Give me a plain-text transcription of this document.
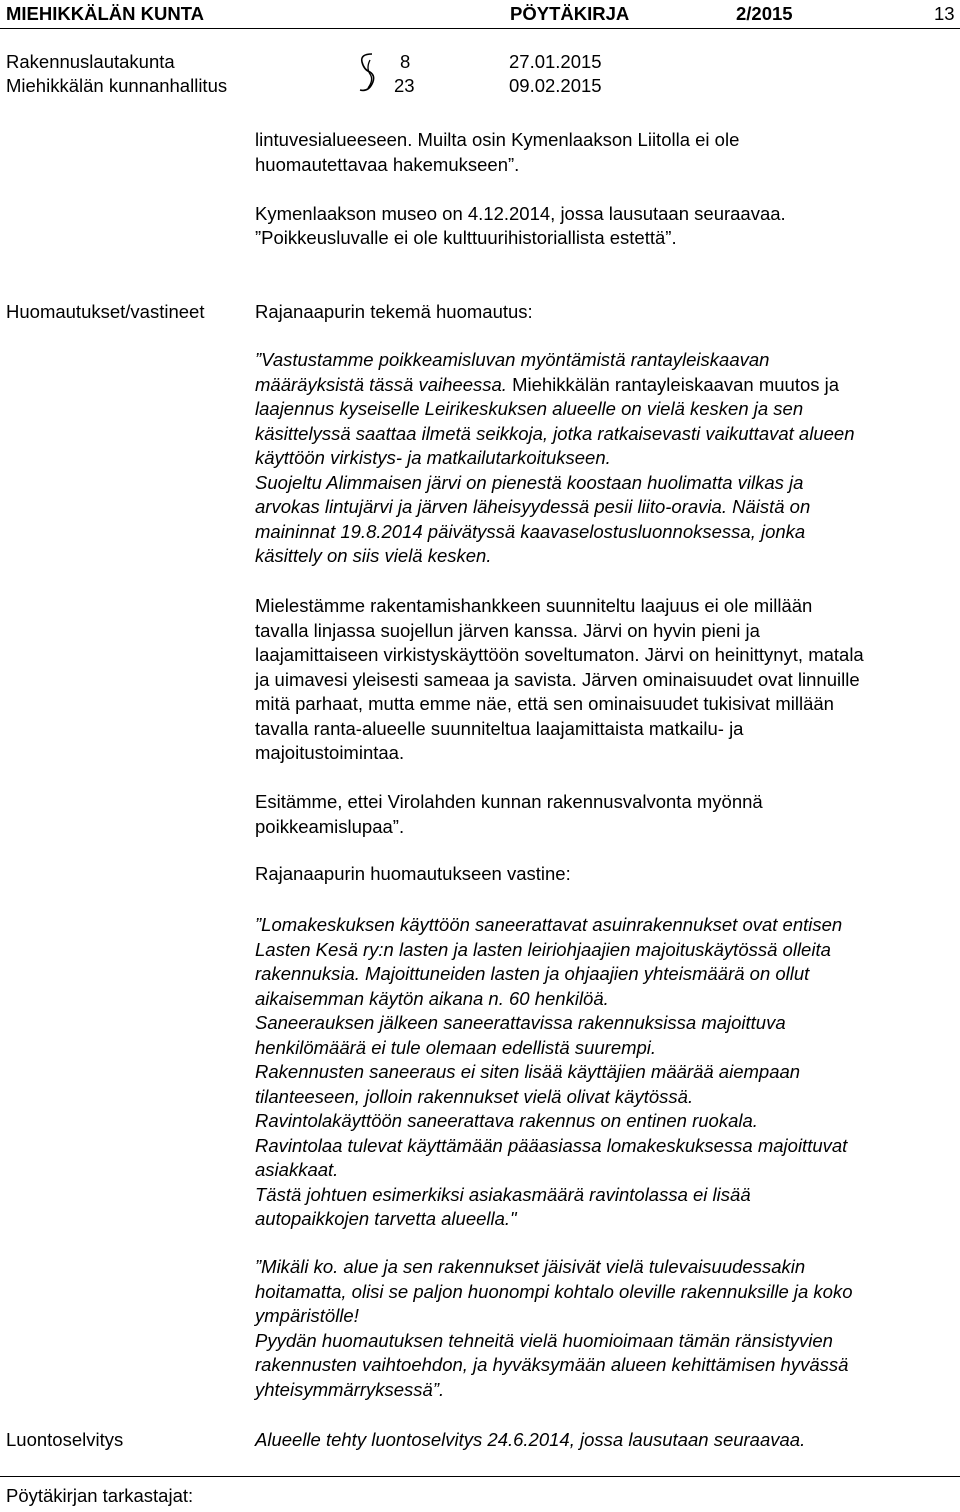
MIEHIKKÄLÄN KUNTA	PÖYTÄKIRJA	2/2015	13
Rakennuslautakunta	8	27.01.2015
Miehikkälän kunnanhallitus	23	09.02.2015

lintuvesialueeseen. Muilta osin Kymenlaakson Liitolla ei ole

huomautettavaa hakemukseen”.

Kymenlaakson museo on 4.12.2014, jossa lausutaan seuraavaa.

”Poikkeusluvalle ei ole kulttuurihistoriallista estettä”.

Huomautukset/vastineet	Rajanaapurin tekemä huomautus:

”Vastustamme poikkeamisluvan myöntämistä rantayleiskaavan

määräyksistä tässä vaiheessa. Miehikkälän rantayleiskaavan muutos ja

laajennus kyseiselle Leirikeskuksen alueelle on vielä kesken ja sen

käsittelyssä saattaa ilmetä seikkoja, jotka ratkaisevasti vaikuttavat alueen

käyttöön virkistys- ja matkailutarkoitukseen.

Suojeltu Alimmaisen järvi on pienestä koostaan huolimatta vilkas ja

arvokas lintujärvi ja järven läheisyydessä pesii liito-oravia. Näistä on

maininnat 19.8.2014 päivätyssä kaavaselostusluonnoksessa, jonka

käsittely on siis vielä kesken.

Mielestämme rakentamishankkeen suunniteltu laajuus ei ole millään

tavalla linjassa suojellun järven kanssa. Järvi on hyvin pieni ja

laajamittaiseen virkistyskäyttöön soveltumaton. Järvi on heinittynyt, matala

ja uimavesi yleisesti sameaa ja savista. Järven ominaisuudet ovat linnuille

mitä parhaat, mutta emme näe, että sen ominaisuudet tukisivat millään

tavalla ranta-alueelle suunniteltua laajamittaista matkailu- ja

majoitustoimintaa.

Esitämme, ettei Virolahden kunnan rakennusvalvonta myönnä

poikkeamislupaa”.

Rajanaapurin huomautukseen vastine:

”Lomakeskuksen käyttöön saneerattavat asuinrakennukset ovat entisen

Lasten Kesä ry:n lasten ja lasten leiriohjaajien majoituskäytössä olleita

rakennuksia. Majoittuneiden lasten ja ohjaajien yhteismäärä on ollut

aikaisemman käytön aikana n. 60 henkilöä.

Saneerauksen jälkeen saneerattavissa rakennuksissa majoittuva

henkilömäärä ei tule olemaan edellistä suurempi.

Rakennusten saneeraus ei siten lisää käyttäjien määrää aiempaan

tilanteeseen, jolloin rakennukset vielä olivat käytössä.

Ravintolakäyttöön saneerattava rakennus on entinen ruokala.

Ravintolaa tulevat käyttämään pääasiassa lomakeskuksessa majoittuvat

asiakkaat.

Tästä johtuen esimerkiksi asiakasmäärä ravintolassa ei lisää

autopaikkojen tarvetta alueella."

”Mikäli ko. alue ja sen rakennukset jäisivät vielä tulevaisuudessakin

hoitamatta, olisi se paljon huonompi kohtalo oleville rakennuksille ja koko

ympäristölle!

Pyydän huomautuksen tehneitä vielä huomioimaan tämän ränsistyvien

rakennusten vaihtoehdon, ja hyväksymään alueen kehittämisen hyvässä

yhteisymmärryksessä”.

Luontoselvitys	Alueelle tehty luontoselvitys 24.6.2014, jossa lausutaan seuraavaa.

Pöytäkirjan tarkastajat:
